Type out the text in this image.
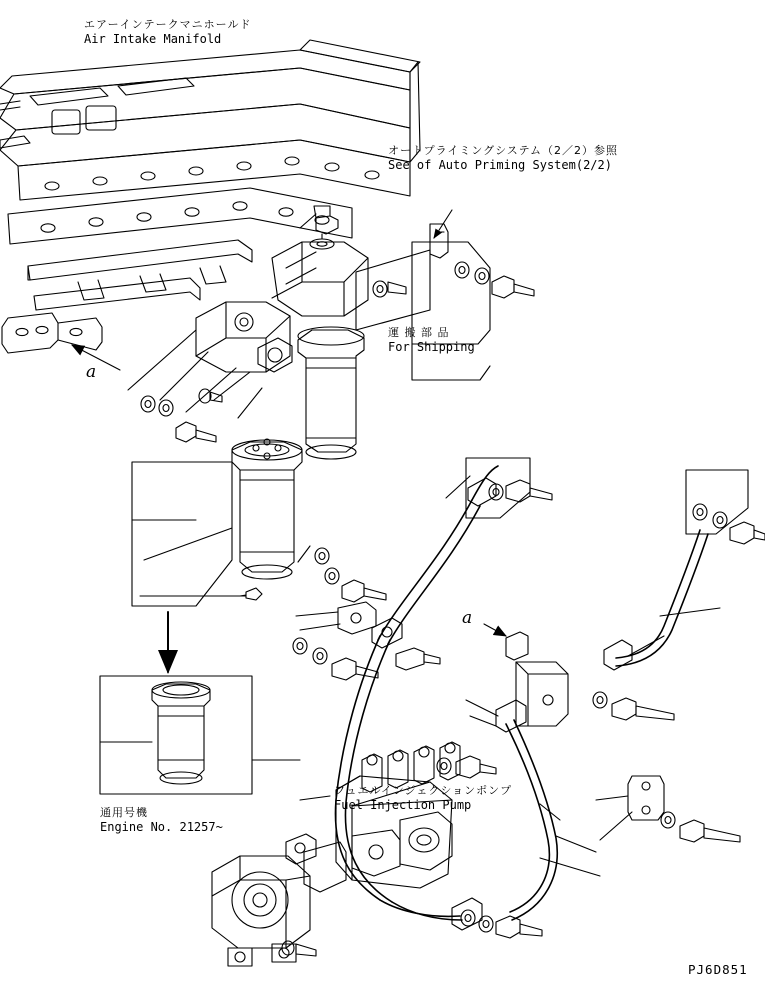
エアーインテークマニホールド
Air Intake Manifold
オートプライミングシステム（2／2）参照
See of Auto Priming System(2/2)
運 搬 部 品
For Shipping
通用号機
Engine No. 21257~
フュエルインジェクションポンプ
Fuel Injection Pump
a
a
PJ6D851
